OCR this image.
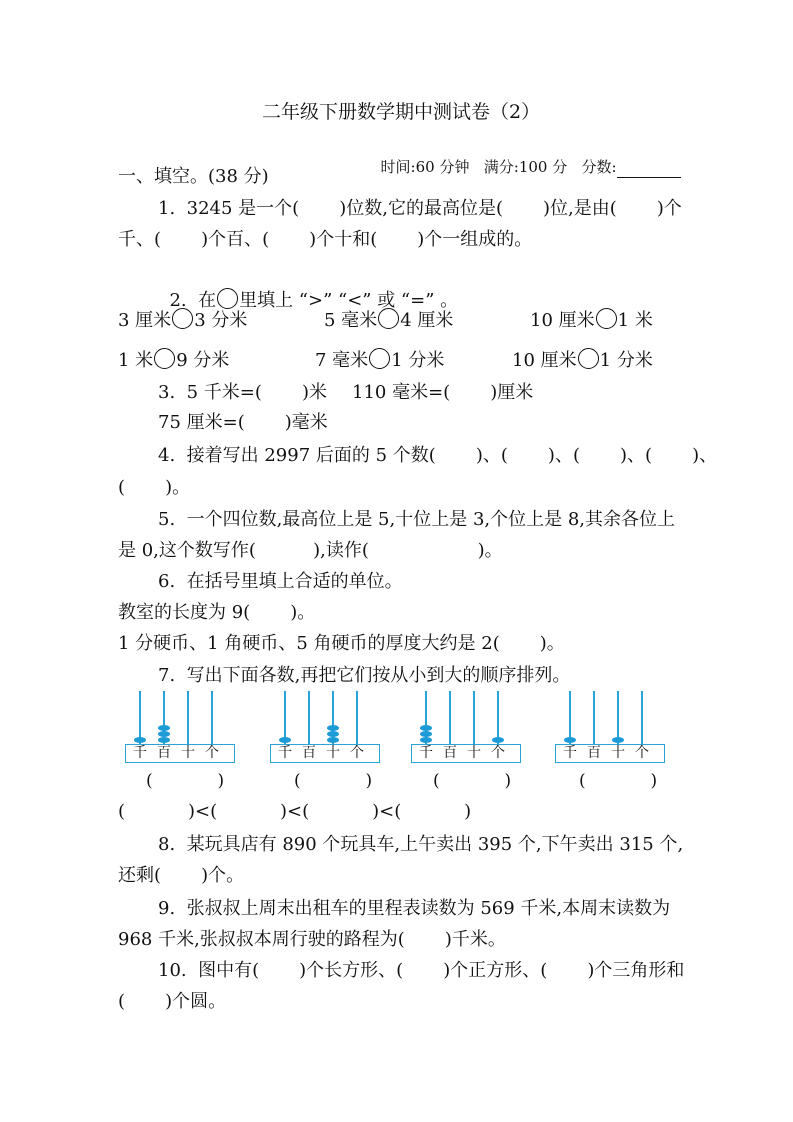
二年级下册数学期中测试卷（2）

时间:60 分钟 满分:100 分 分数:

一、填空。(38 分)
1.  3245 是一个(       )位数,它的最高位是(       )位,是由(       )个
千、(       )个百、(       )个十和(       )个一组成的。

2.  在 里填上 “>” “<” 或 “=” 。

3 厘米 3 分米	5 毫米 4 厘米	10 厘米 1 米
1 米 9 分米	7 毫米 1 分米	10 厘米 1 分米
3.  5 千米=(       )米 110 毫米=(       )厘米
75 厘米=(       )毫米
4.  接着写出 2997 后面的 5 个数(       )、(       )、(       )、(       )、
(       )。
5.  一个四位数,最高位上是 5,十位上是 3,个位上是 8,其余各位上
是 0,这个数写作(          ),读作(                   )。
6.  在括号里填上合适的单位。
教室的长度为 9(       )。
1 分硬币、1 角硬币、5 角硬币的厚度大约是 2(       )。
7.  写出下面各数,再把它们按从小到大的顺序排列。
千 百 十 个	千 百 十 个	千 百 十 个	千 百 十 个
(            )	(            )	(            )	(            )
(           )<(           )<(           )<(           )
8.  某玩具店有 890 个玩具车,上午卖出 395 个,下午卖出 315 个,
还剩(       )个。
9.  张叔叔上周末出租车的里程表读数为 569 千米,本周末读数为
968 千米,张叔叔本周行驶的路程为(       )千米。
10.  图中有(       )个长方形、(       )个正方形、(       )个三角形和
(       )个圆。
